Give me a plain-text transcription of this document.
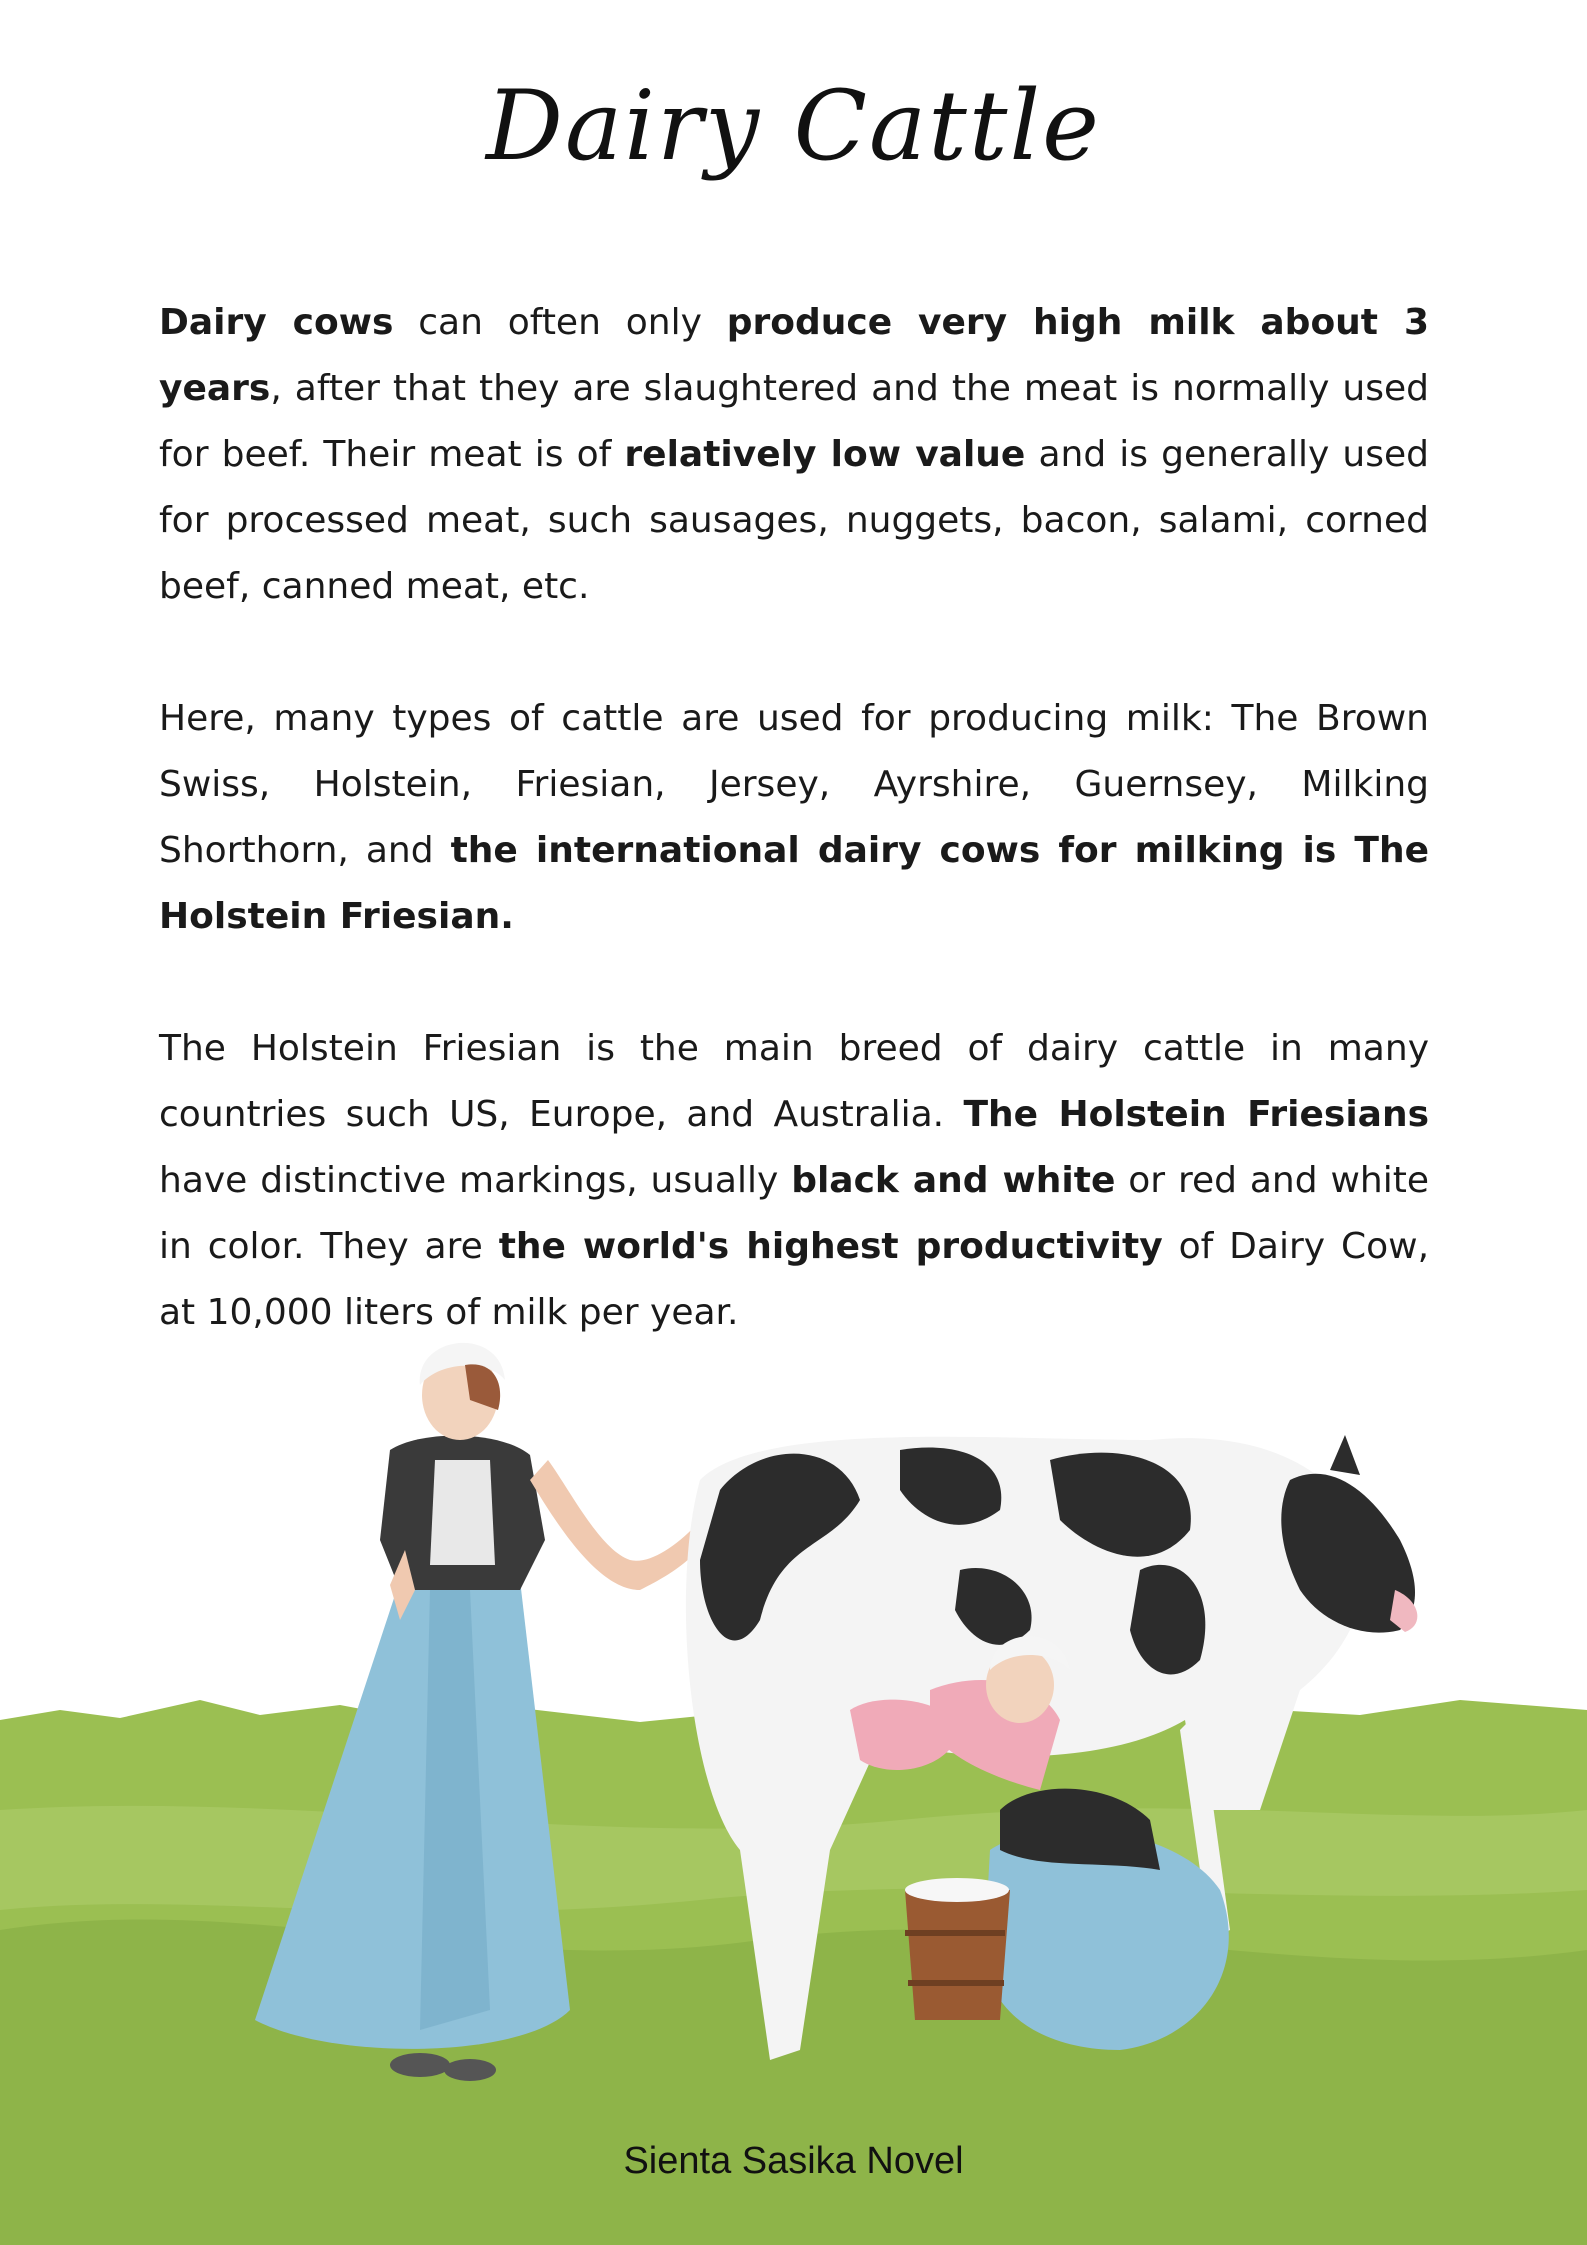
Dairy Cattle

Dairy cows can often only produce very high milk about 3 years, after that they are slaughtered and the meat is normally used for beef. Their meat is of relatively low value and is generally used for processed meat, such sausages, nuggets, bacon, salami, corned beef, canned meat, etc.

Here, many types of cattle are used for producing milk: The Brown Swiss, Holstein, Friesian, Jersey, Ayrshire, Guernsey, Milking Shorthorn, and the international dairy cows for milking is The Holstein Friesian.

The Holstein Friesian is the main breed of dairy cattle in many countries such US, Europe, and Australia. The Holstein Friesians have distinctive markings, usually black and white or red and white in color. They are the world's highest productivity of Dairy Cow, at 10,000 liters of milk per year.

Sienta Sasika Novel
